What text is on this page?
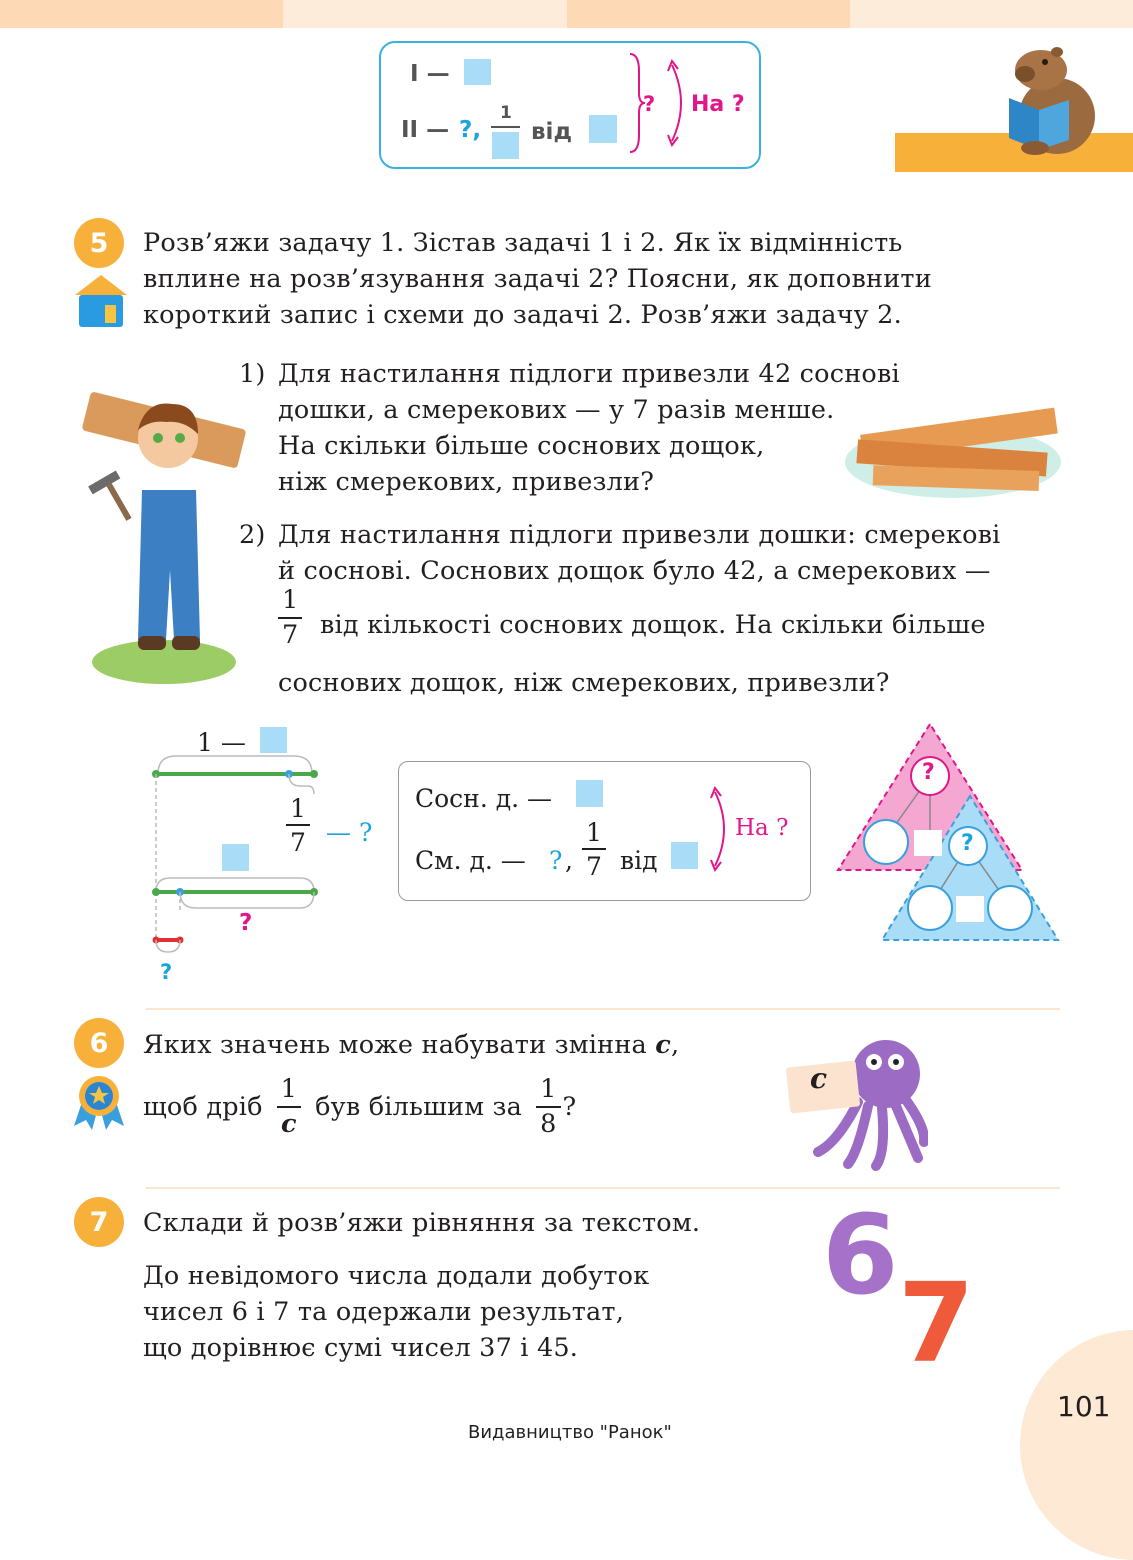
I —
II — ?,
1
від
? На ?
5	Розв’яжи задачу 1. Зістав задачі 1 і 2. Як їх відмінність
вплине на розв’язування задачі 2? Поясни, як доповнити
короткий запис і схеми до задачі 2. Розв’яжи задачу 2.
1) Для настилання підлоги привезли 42 соснові
дошки, а смерекових — у 7 разів менше.
На скільки більше соснових дощок,
ніж смерекових, привезли?
2) Для настилання підлоги привезли дошки: смерекові
й соснові. Соснових дощок було 42, а смерекових —
$\frac{1}{7}$ від кількості соснових дощок. На скільки більше
соснових дощок, ніж смерекових, привезли?
1 —
$\frac{1}{7}$ — ?
?
?
Сосн. д. —
См. д. — ? , $\frac{1}{7}$ від
На ?
?
?
6	Яких значень може набувати змінна c,
щоб дріб $\frac{1}{c}$ був більшим за $\frac{1}{8}$ ?
c
7	Склади й розв’яжи рівняння за текстом.
До невідомого числа додали добуток
чисел 6 і 7 та одержали результат,
що дорівнює сумі чисел 37 і 45.
6
7
101
Видавництво "Ранок"
